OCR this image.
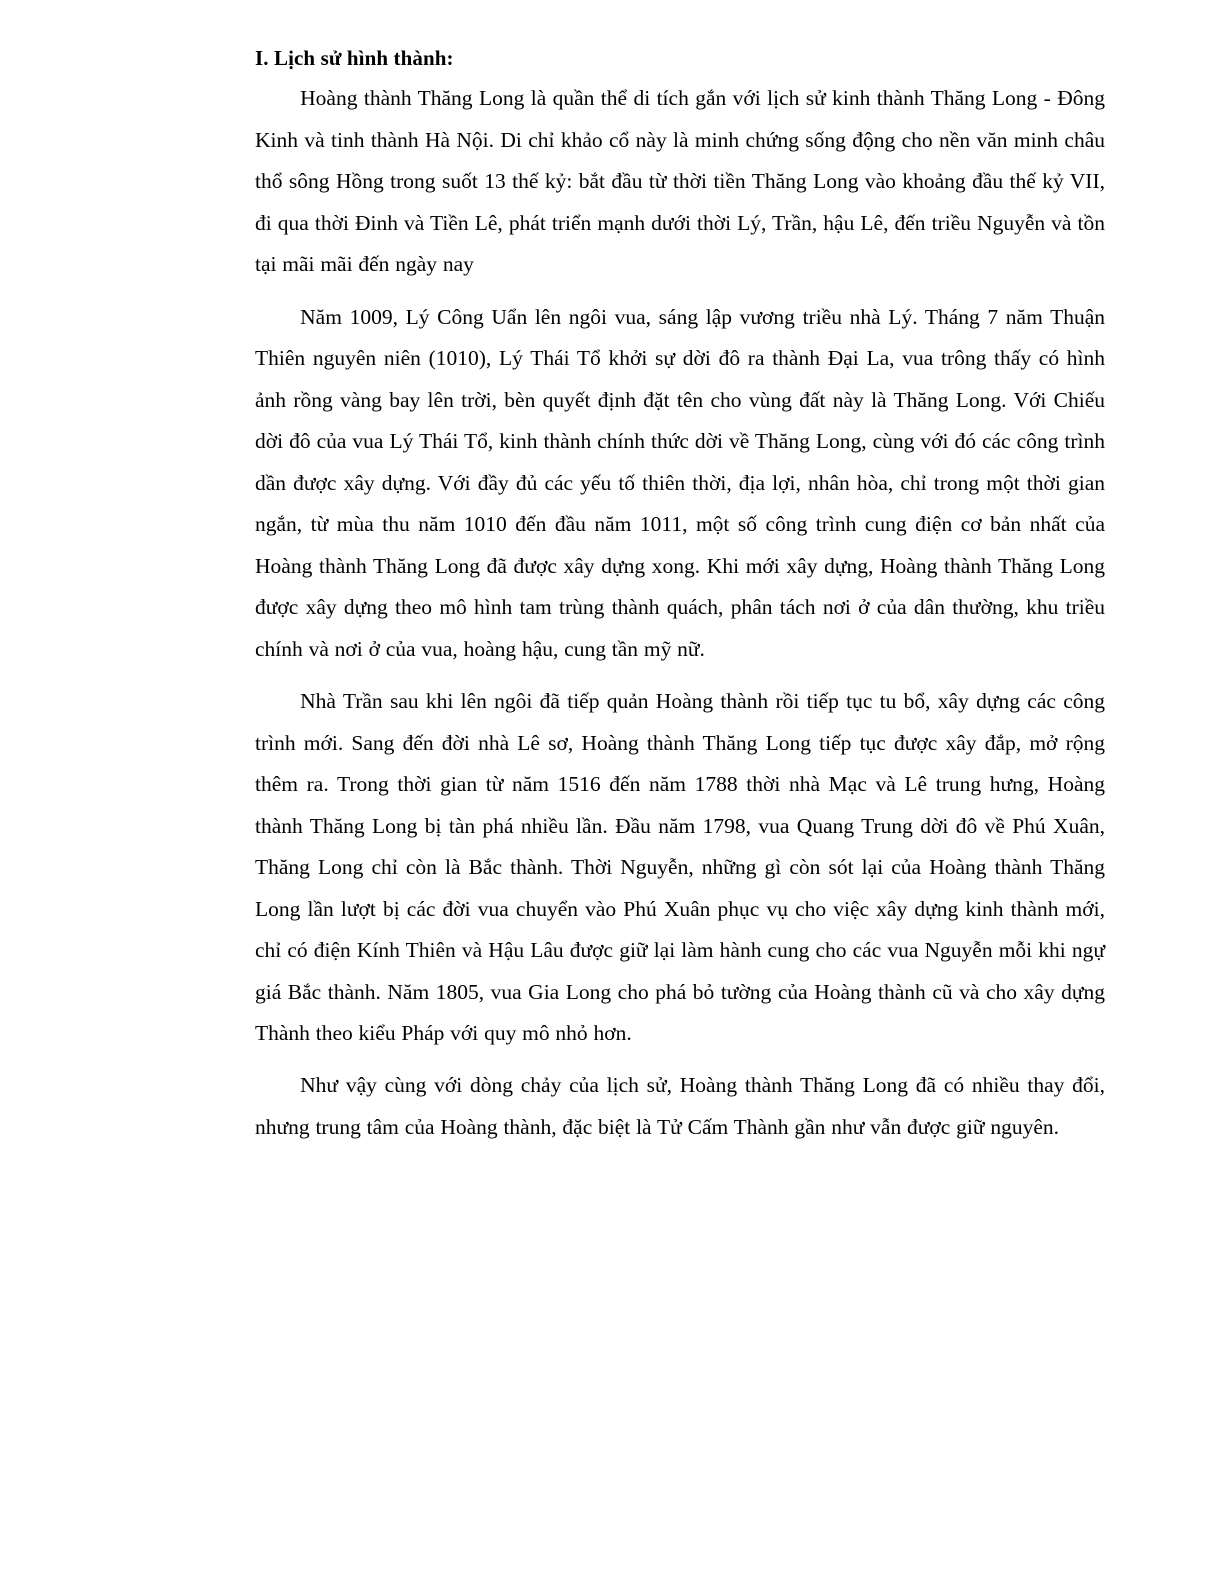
I. Lịch sử hình thành:

Hoàng thành Thăng Long là quần thể di tích gắn với lịch sử kinh thành Thăng Long - Đông Kinh và tinh thành Hà Nội. Di chỉ khảo cổ này là minh chứng sống động cho nền văn minh châu thổ sông Hồng trong suốt 13 thế kỷ: bắt đầu từ thời tiền Thăng Long vào khoảng đầu thế kỷ VII, đi qua thời Đinh và Tiền Lê, phát triển mạnh dưới thời Lý, Trần, hậu Lê, đến triều Nguyễn và tồn tại mãi mãi đến ngày nay

Năm 1009, Lý Công Uẩn lên ngôi vua, sáng lập vương triều nhà Lý. Tháng 7 năm Thuận Thiên nguyên niên (1010), Lý Thái Tổ khởi sự dời đô ra thành Đại La, vua trông thấy có hình ảnh rồng vàng bay lên trời, bèn quyết định đặt tên cho vùng đất này là Thăng Long. Với Chiếu dời đô của vua Lý Thái Tổ, kinh thành chính thức dời về Thăng Long, cùng với đó các công trình dần được xây dựng. Với đầy đủ các yếu tố thiên thời, địa lợi, nhân hòa, chỉ trong một thời gian ngắn, từ mùa thu năm 1010 đến đầu năm 1011, một số công trình cung điện cơ bản nhất của Hoàng thành Thăng Long đã được xây dựng xong. Khi mới xây dựng, Hoàng thành Thăng Long được xây dựng theo mô hình tam trùng thành quách, phân tách nơi ở của dân thường, khu triều chính và nơi ở của vua, hoàng hậu, cung tần mỹ nữ.

Nhà Trần sau khi lên ngôi đã tiếp quản Hoàng thành rồi tiếp tục tu bổ, xây dựng các công trình mới. Sang đến đời nhà Lê sơ, Hoàng thành Thăng Long tiếp tục được xây đắp, mở rộng thêm ra. Trong thời gian từ năm 1516 đến năm 1788 thời nhà Mạc và Lê trung hưng, Hoàng thành Thăng Long bị tàn phá nhiều lần. Đầu năm 1798, vua Quang Trung dời đô về Phú Xuân, Thăng Long chỉ còn là Bắc thành. Thời Nguyễn, những gì còn sót lại của Hoàng thành Thăng Long lần lượt bị các đời vua chuyển vào Phú Xuân phục vụ cho việc xây dựng kinh thành mới, chỉ có điện Kính Thiên và Hậu Lâu được giữ lại làm hành cung cho các vua Nguyễn mỗi khi ngự giá Bắc thành. Năm 1805, vua Gia Long cho phá bỏ tường của Hoàng thành cũ và cho xây dựng Thành theo kiểu Pháp với quy mô nhỏ hơn.

Như vậy cùng với dòng chảy của lịch sử, Hoàng thành Thăng Long đã có nhiều thay đổi, nhưng trung tâm của Hoàng thành, đặc biệt là Tử Cấm Thành gần như vẫn được giữ nguyên.
